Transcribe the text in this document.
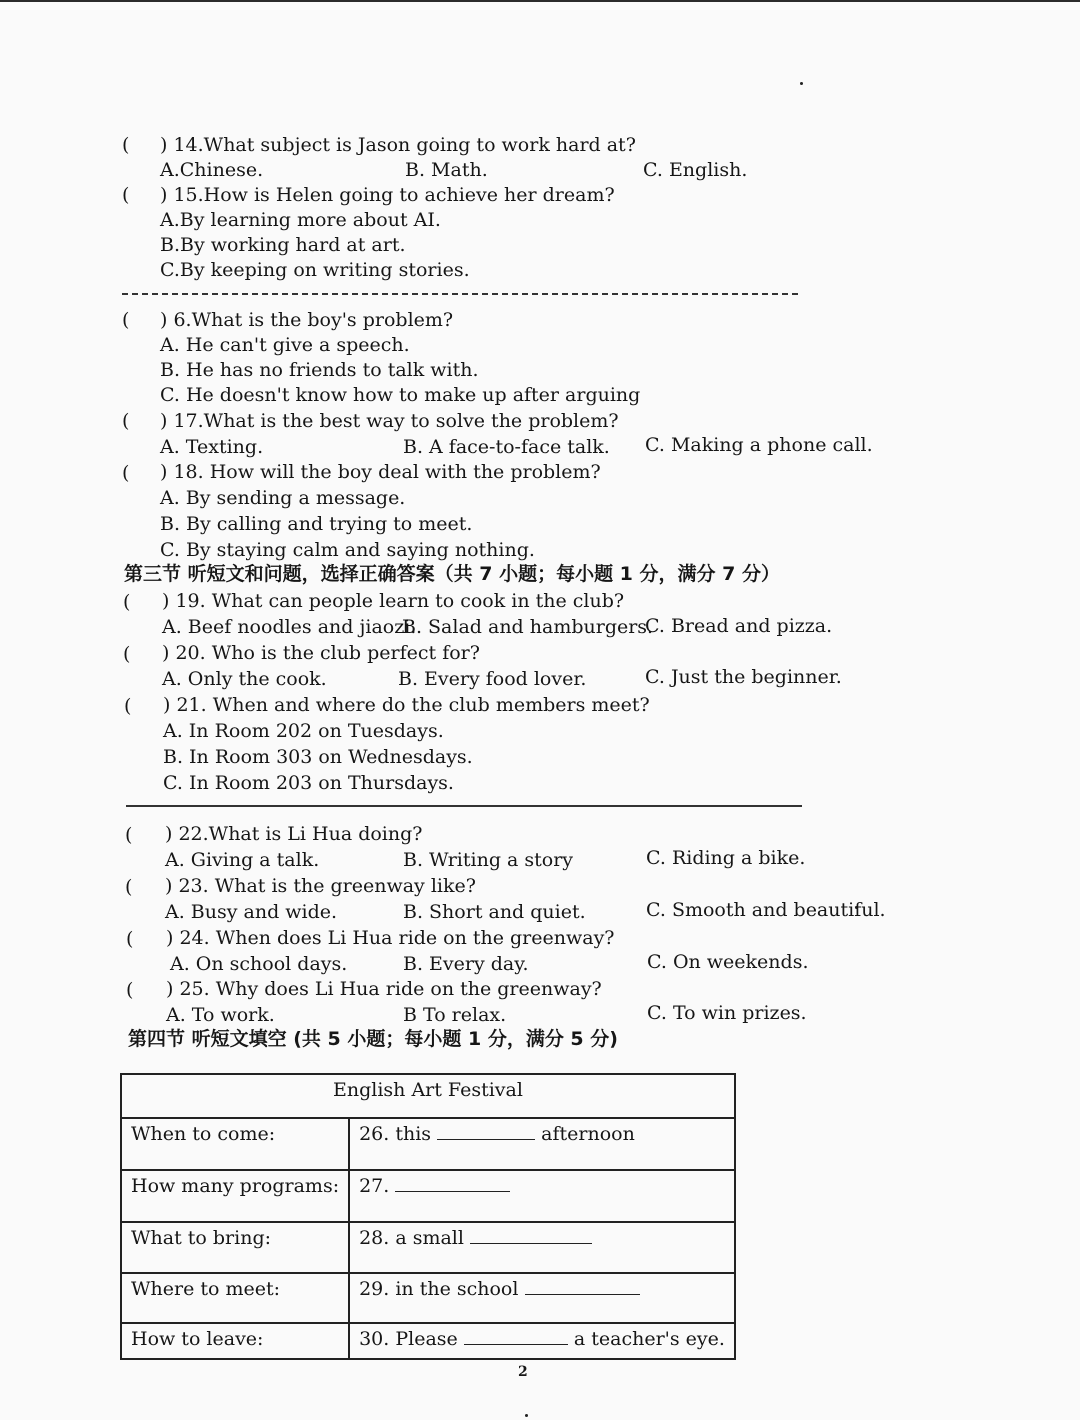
( ) 14.What subject is Jason going to work hard at?
A.Chinese.	B. Math.	C. English.
( ) 15.How is Helen going to achieve her dream?
A.By learning more about AI.
B.By working hard at art.
C.By keeping on writing stories.
( ) 6.What is the boy's problem?
A. He can't give a speech.
B. He has no friends to talk with.
C. He doesn't know how to make up after arguing
( ) 17.What is the best way to solve the problem?
A. Texting.	B. A face-to-face talk. C. Making a phone call.
( ) 18. How will the boy deal with the problem?
A. By sending a message.
B. By calling and trying to meet.
C. By staying calm and saying nothing.
第三节 听短文和问题，选择正确答案（共 7 小题；每小题 1 分，满分 7 分）
( ) 19. What can people learn to cook in the club?
A. Beef noodles and jiaozi.
B. Salad and hamburgers.
C. Bread and pizza.
( ) 20. Who is the club perfect for?
A. Only the cook.	B. Every food lover.	C. Just the beginner.
( ) 21. When and where do the club members meet?
A. In Room 202 on Tuesdays.
B. In Room 303 on Wednesdays.
C. In Room 203 on Thursdays.
( ) 22.What is Li Hua doing?
A. Giving a talk.	B. Writing a story	C. Riding a bike.
( ) 23. What is the greenway like?
A. Busy and wide.	B. Short and quiet.	C. Smooth and beautiful.
( ) 24. When does Li Hua ride on the greenway?
A. On school days.	B. Every day.	C. On weekends.
( ) 25. Why does Li Hua ride on the greenway?
A. To work.	B To relax.	C. To win prizes.
第四节 听短文填空 (共 5 小题；每小题 1 分，满分 5 分)
English Art Festival	
When to come:	26. this afternoon
How many programs:	27.
What to bring:	28. a small
Where to meet:	29. in the school
How to leave:	30. Please a teacher's eye.
2
